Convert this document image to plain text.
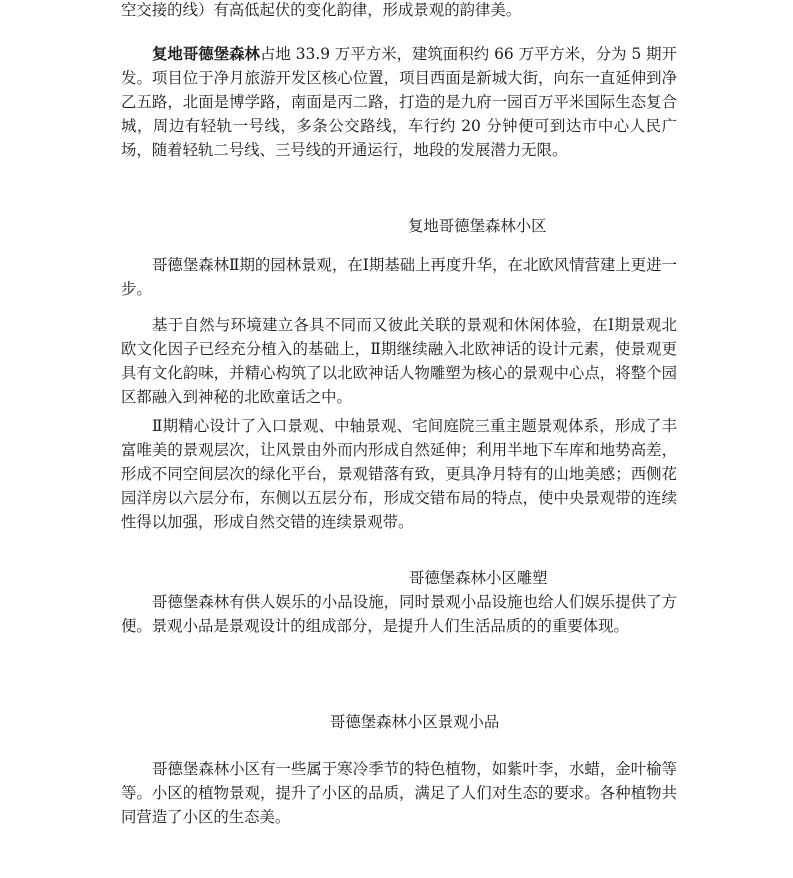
空交接的线）有高低起伏的变化韵律，形成景观的韵律美。

复地哥德堡森林占地 33.9 万平方米，建筑面积约 66 万平方米，分为 5 期开发。项目位于净月旅游开发区核心位置，项目西面是新城大街，向东一直延伸到净乙五路，北面是博学路，南面是丙二路，打造的是九府一园百万平米国际生态复合城，周边有轻轨一号线，多条公交路线，车行约 20 分钟便可到达市中心人民广场，随着轻轨二号线、三号线的开通运行，地段的发展潜力无限。

复地哥德堡森林小区

哥德堡森林Ⅱ期的园林景观，在Ⅰ期基础上再度升华，在北欧风情营建上更进一步。

基于自然与环境建立各具不同而又彼此关联的景观和休闲体验，在Ⅰ期景观北欧文化因子已经充分植入的基础上，Ⅱ期继续融入北欧神话的设计元素，使景观更具有文化韵味，并精心构筑了以北欧神话人物雕塑为核心的景观中心点，将整个园区都融入到神秘的北欧童话之中。

Ⅱ期精心设计了入口景观、中轴景观、宅间庭院三重主题景观体系，形成了丰富唯美的景观层次，让风景由外而内形成自然延伸；利用半地下车库和地势高差，形成不同空间层次的绿化平台，景观错落有致，更具净月特有的山地美感；西侧花园洋房以六层分布，东侧以五层分布，形成交错布局的特点，使中央景观带的连续性得以加强，形成自然交错的连续景观带。

哥德堡森林小区雕塑

哥德堡森林有供人娱乐的小品设施，同时景观小品设施也给人们娱乐提供了方便。景观小品是景观设计的组成部分，是提升人们生活品质的的重要体现。

哥德堡森林小区景观小品

哥德堡森林小区有一些属于寒冷季节的特色植物，如紫叶李，水蜡，金叶榆等等。小区的植物景观，提升了小区的品质，满足了人们对生态的要求。各种植物共同营造了小区的生态美。
